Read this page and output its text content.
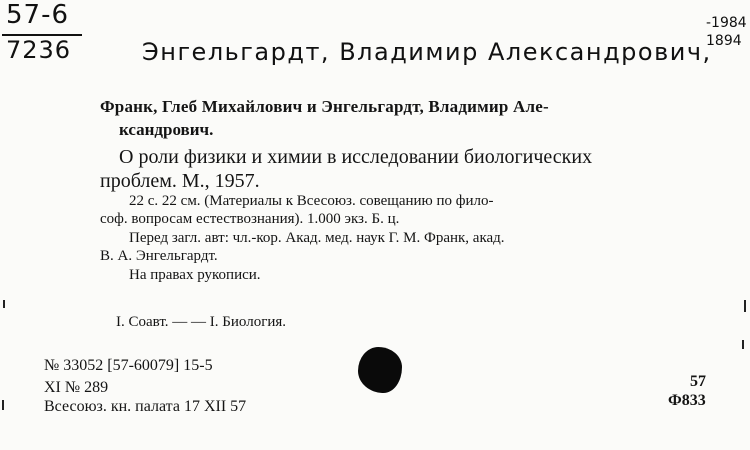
57-6
7236	Энгельгардт, Владимир Александрович,
-1984
1894
Франк, Глеб Михайлович и Энгельгардт, Владимир Але-
ксандрович.
О роли физики и химии в исследовании биологических
проблем. М., 1957.
22 с. 22 см. (Материалы к Всесоюз. совещанию по фило-
соф. вопросам естествознания). 1.000 экз. Б. ц.
Перед загл. авт: чл.-кор. Акад. мед. наук Г. М. Франк, акад.
В. А. Энгельгардт.
На правах рукописи.
I. Соавт. — — I. Биология.
№ 33052 [57-60079] 15-5
XI № 289
Всесоюз. кн. палата 17 XII 57
57
Ф833
